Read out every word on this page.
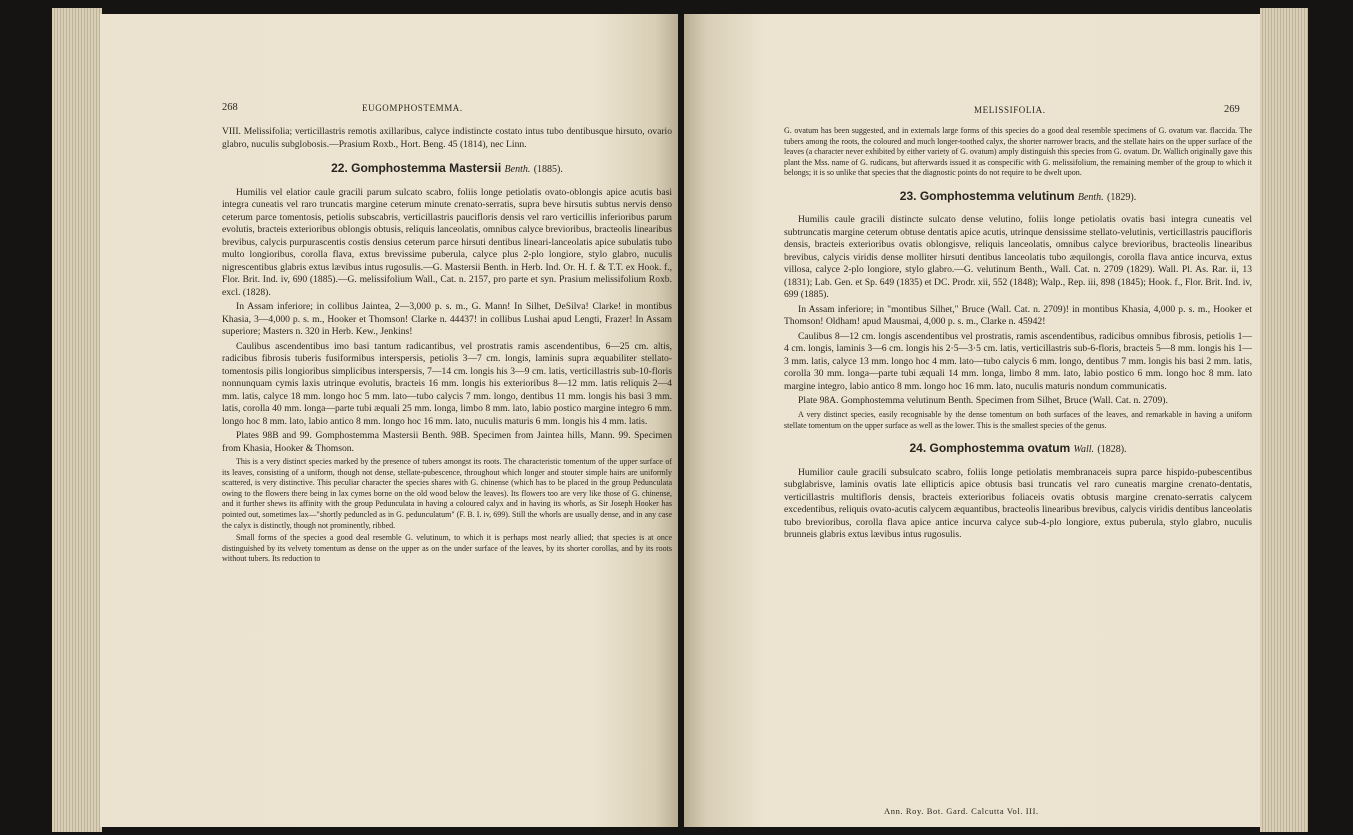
268	EUGOMPHOSTEMMA.

VIII. Melissifolia; verticillastris remotis axillaribus, calyce indistincte costato intus tubo dentibusque hirsuto, ovario glabro, nuculis subglobosis.—Prasium Roxb., Hort. Beng. 45 (1814), nec Linn.

22. Gomphostemma Mastersii Benth. (1885).

Humilis vel elatior caule gracili parum sulcato scabro, foliis longe petiolatis ovato-oblongis apice acutis basi integra cuneatis vel raro truncatis margine ceterum minute crenato-serratis, supra beve hirsutis subtus nervis denso ceterum parce tomentosis, petiolis subscabris, verticillastris paucifloris densis vel raro verticillis inferioribus parum evolutis, bracteis exterioribus oblongis obtusis, reliquis lanceolatis, omnibus calyce brevioribus, bracteolis linearibus brevibus, calycis purpurascentis costis densius ceterum parce hirsuti dentibus lineari-lanceolatis apice subulatis tubo multo longioribus, corolla flava, extus brevissime puberula, calyce plus 2-plo longiore, stylo glabro, nuculis nigrescentibus glabris extus lævibus intus rugosulis.—G. Mastersii Benth. in Herb. Ind. Or. H. f. & T.T. ex Hook. f., Flor. Brit. Ind. iv, 690 (1885).—G. melissifolium Wall., Cat. n. 2157, pro parte et syn. Prasium melissifolium Roxb. excl. (1828).

In Assam inferiore; in collibus Jaintea, 2—3,000 p. s. m., G. Mann! In Silhet, DeSilva! Clarke! in montibus Khasia, 3—4,000 p. s. m., Hooker et Thomson! Clarke n. 44437! in collibus Lushai apud Lengti, Frazer! In Assam superiore; Masters n. 320 in Herb. Kew., Jenkins!

Caulibus ascendentibus imo basi tantum radicantibus, vel prostratis ramis ascendentibus, 6—25 cm. altis, radicibus fibrosis tuberis fusiformibus interspersis, petiolis 3—7 cm. longis, laminis supra æquabiliter stellato-tomentosis pilis longioribus simplicibus interspersis, 7—14 cm. longis his 3—9 cm. latis, verticillastris sub-10-floris nonnunquam cymis laxis utrinque evolutis, bracteis 16 mm. longis his exterioribus 8—12 mm. latis reliquis 2—4 mm. latis, calyce 18 mm. longo hoc 5 mm. lato—tubo calycis 7 mm. longo, dentibus 11 mm. longis his basi 3 mm. latis, corolla 40 mm. longa—parte tubi æquali 25 mm. longa, limbo 8 mm. lato, labio postico margine integro 6 mm. longo hoc 8 mm. lato, labio antico 8 mm. longo hoc 16 mm. lato, nuculis maturis 6 mm. longis his 4 mm. latis.

Plates 98B and 99. Gomphostemma Mastersii Benth. 98B. Specimen from Jaintea hills, Mann. 99. Specimen from Khasia, Hooker & Thomson.

This is a very distinct species marked by the presence of tubers amongst its roots. The characteristic tomentum of the upper surface of its leaves, consisting of a uniform, though not dense, stellate-pubescence, throughout which longer and stouter simple hairs are uniformly scattered, is very distinctive. This peculiar character the species shares with G. chinense (which has to be placed in the group Pedunculata owing to the flowers there being in lax cymes borne on the old wood below the leaves). Its flowers too are very like those of G. chinense, and it further shews its affinity with the group Pedunculata in having a coloured calyx and in having its whorls, as Sir Joseph Hooker has pointed out, sometimes lax—"shortly peduncled as in G. pedunculatum" (F. B. I. iv, 699). Still the whorls are usually dense, and in any case the calyx is distinctly, though not prominently, ribbed.

Small forms of the species a good deal resemble G. velutinum, to which it is perhaps most nearly allied; that species is at once distinguished by its velvety tomentum as dense on the upper as on the under surface of the leaves, by its shorter corollas, and by its roots without tubers. Its reduction to

MELISSIFOLIA.	269

G. ovatum has been suggested, and in externals large forms of this species do a good deal resemble specimens of G. ovatum var. flaccida. The tubers among the roots, the coloured and much longer-toothed calyx, the shorter narrower bracts, and the stellate hairs on the upper surface of the leaves (a character never exhibited by either variety of G. ovatum) amply distinguish this species from G. ovatum. Dr. Wallich originally gave this plant the Mss. name of G. rudicans, but afterwards issued it as conspecific with G. melissifolium, the remaining member of the group to which it belongs; it is so unlike that species that the diagnostic points do not require to be dwelt upon.

23. Gomphostemma velutinum Benth. (1829).

Humilis caule gracili distincte sulcato dense velutino, foliis longe petiolatis ovatis basi integra cuneatis vel subtruncatis margine ceterum obtuse dentatis apice acutis, utrinque densissime stellato-velutinis, verticillastris paucifloris densis, bracteis exterioribus ovatis oblongisve, reliquis lanceolatis, omnibus calyce brevioribus, bracteolis linearibus brevibus, calycis viridis dense molliter hirsuti dentibus lanceolatis tubo æquilongis, corolla flava antice incurva, extus villosa, calyce 2-plo longiore, stylo glabro.—G. velutinum Benth., Wall. Cat. n. 2709 (1829). Wall. Pl. As. Rar. ii, 13 (1831); Lab. Gen. et Sp. 649 (1835) et DC. Prodr. xii, 552 (1848); Walp., Rep. iii, 898 (1845); Hook. f., Flor. Brit. Ind. iv, 699 (1885).

In Assam inferiore; in "montibus Silhet," Bruce (Wall. Cat. n. 2709)! in montibus Khasia, 4,000 p. s. m., Hooker et Thomson! Oldham! apud Mausmai, 4,000 p. s. m., Clarke n. 45942!

Caulibus 8—12 cm. longis ascendentibus vel prostratis, ramis ascendentibus, radicibus omnibus fibrosis, petiolis 1—4 cm. longis, laminis 3—6 cm. longis his 2·5—3·5 cm. latis, verticillastris sub-6-floris, bracteis 5—8 mm. longis his 1—3 mm. latis, calyce 13 mm. longo hoc 4 mm. lato—tubo calycis 6 mm. longo, dentibus 7 mm. longis his basi 2 mm. latis, corolla 30 mm. longa—parte tubi æquali 14 mm. longa, limbo 8 mm. lato, labio postico 6 mm. longo hoc 8 mm. lato margine integro, labio antico 8 mm. longo hoc 16 mm. lato, nuculis maturis nondum communicatis.

Plate 98A. Gomphostemma velutinum Benth. Specimen from Silhet, Bruce (Wall. Cat. n. 2709).

A very distinct species, easily recognisable by the dense tomentum on both surfaces of the leaves, and remarkable in having a uniform stellate tomentum on the upper surface as well as the lower. This is the smallest species of the genus.

24. Gomphostemma ovatum Wall. (1828).

Humilior caule gracili subsulcato scabro, foliis longe petiolatis membranaceis supra parce hispido-pubescentibus subglabrisve, laminis ovatis late ellipticis apice obtusis basi truncatis vel raro cuneatis margine crenato-dentatis, verticillastris multifloris densis, bracteis exterioribus foliaceis ovatis obtusis margine crenato-serratis calycem excedentibus, reliquis ovato-acutis calycem æquantibus, bracteolis linearibus brevibus, calycis viridis dentibus lanceolatis tubo brevioribus, corolla flava apice antice incurva calyce sub-4-plo longiore, extus puberula, stylo glabro, nuculis brunneis glabris extus lævibus intus rugosulis.

Ann. Roy. Bot. Gard. Calcutta Vol. III.
